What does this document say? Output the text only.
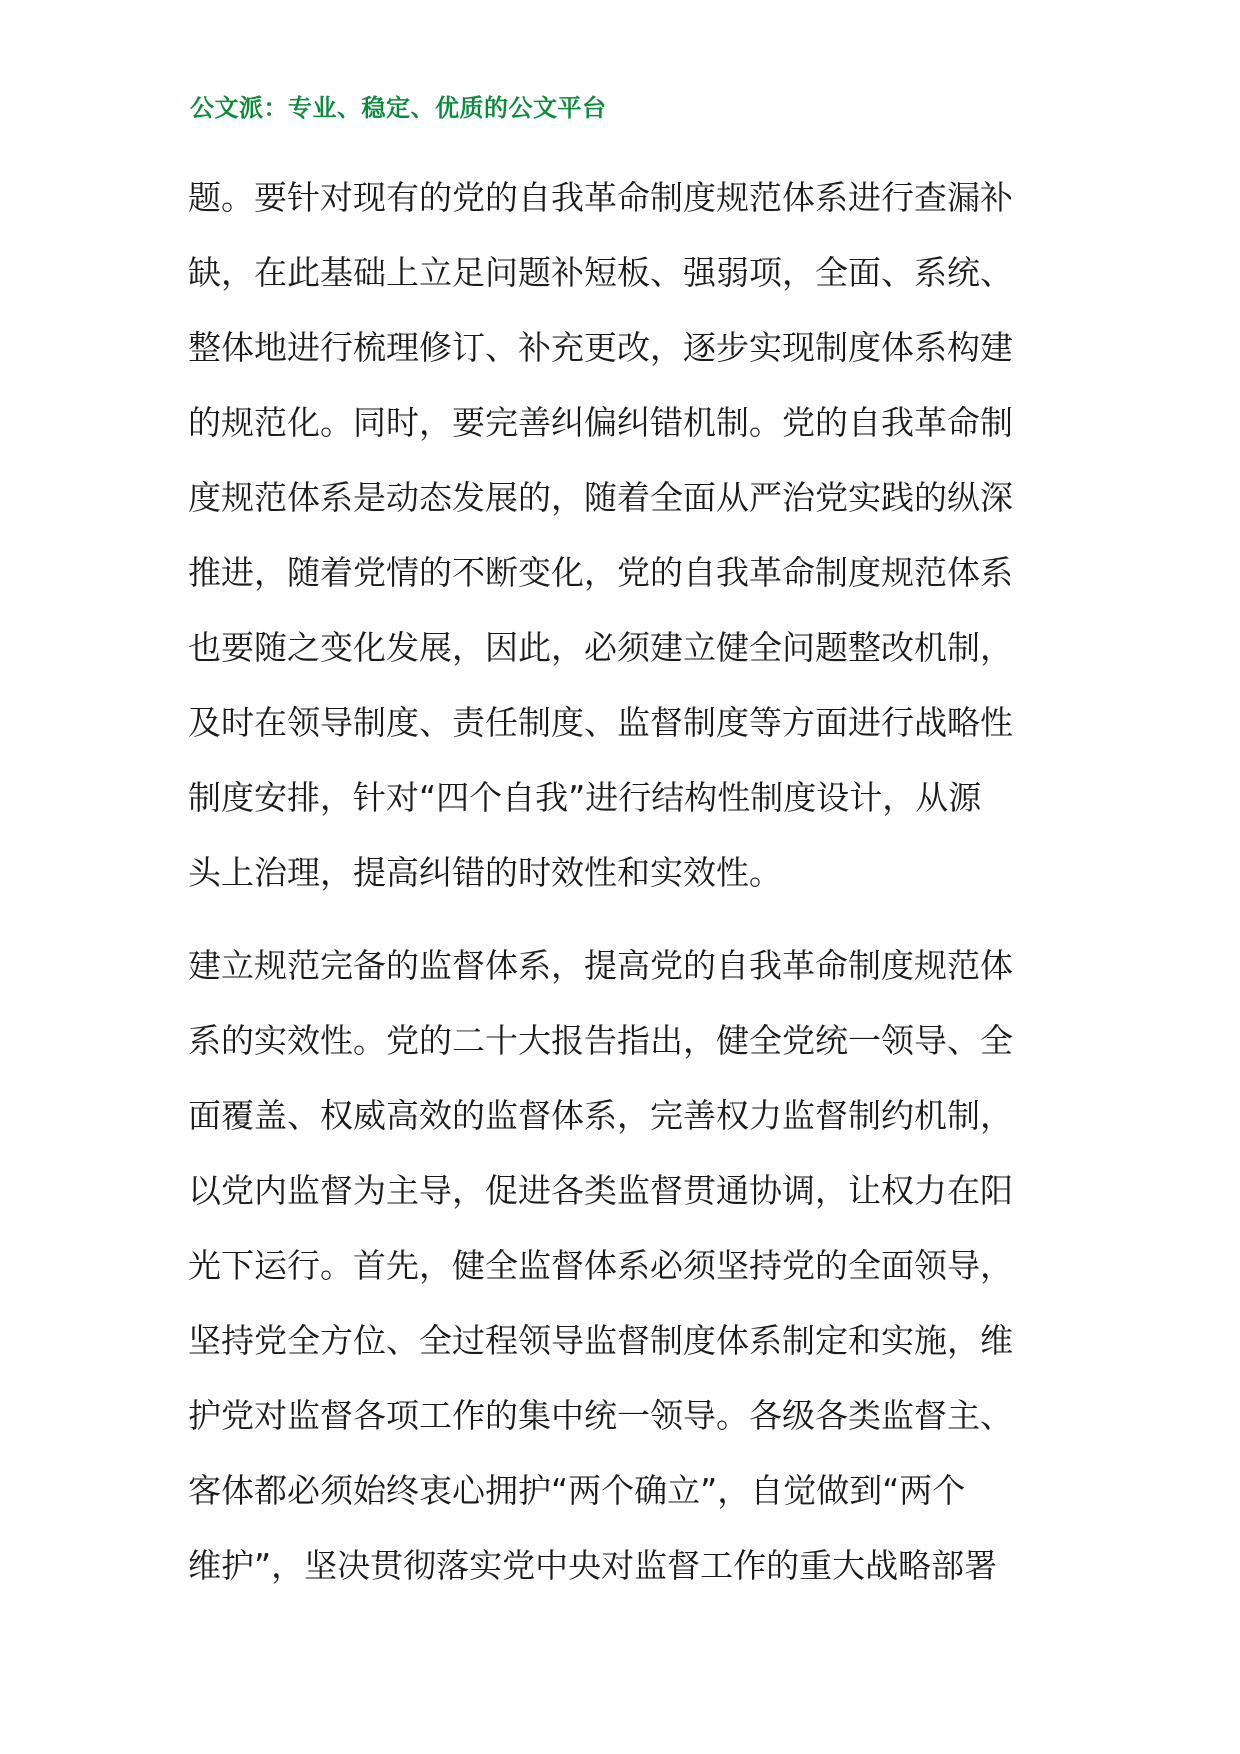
公文派：专业、稳定、优质的公文平台
题。要针对现有的党的自我革命制度规范体系进行查漏补
缺，在此基础上立足问题补短板、强弱项，全面、系统、
整体地进行梳理修订、补充更改，逐步实现制度体系构建
的规范化。同时，要完善纠偏纠错机制。党的自我革命制
度规范体系是动态发展的，随着全面从严治党实践的纵深
推进，随着党情的不断变化，党的自我革命制度规范体系
也要随之变化发展，因此，必须建立健全问题整改机制，
及时在领导制度、责任制度、监督制度等方面进行战略性
制度安排，针对“四个自我”进行结构性制度设计，从源
头上治理，提高纠错的时效性和实效性。
建立规范完备的监督体系，提高党的自我革命制度规范体
系的实效性。党的二十大报告指出，健全党统一领导、全
面覆盖、权威高效的监督体系，完善权力监督制约机制，
以党内监督为主导，促进各类监督贯通协调，让权力在阳
光下运行。首先，健全监督体系必须坚持党的全面领导，
坚持党全方位、全过程领导监督制度体系制定和实施，维
护党对监督各项工作的集中统一领导。各级各类监督主、
客体都必须始终衷心拥护“两个确立”，自觉做到“两个
维护”，坚决贯彻落实党中央对监督工作的重大战略部署
